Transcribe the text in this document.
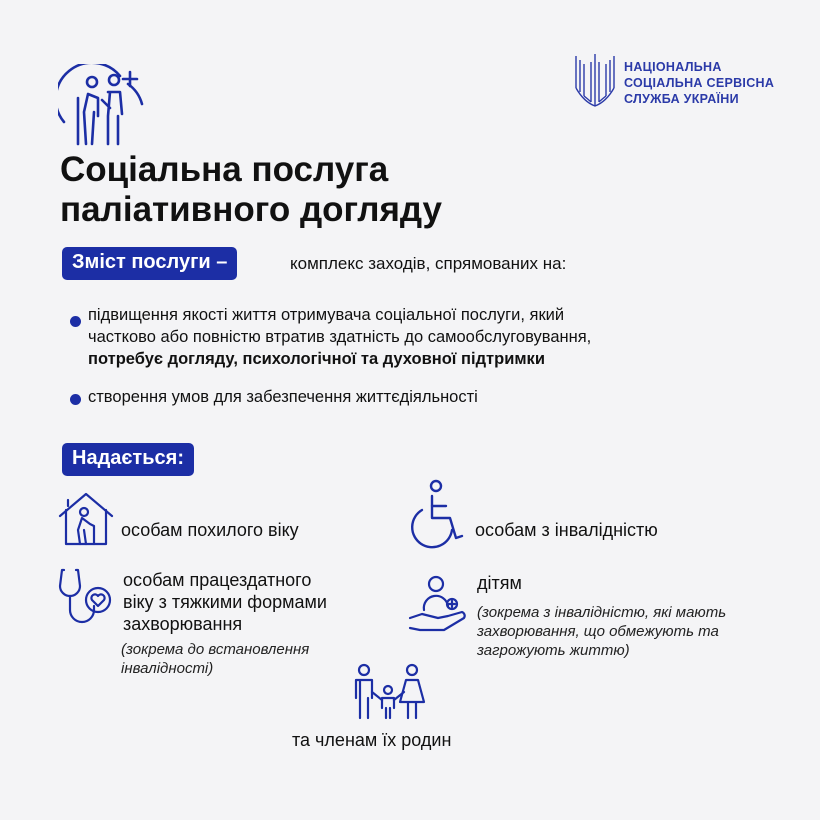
НАЦІОНАЛЬНА
СОЦІАЛЬНА СЕРВІСНА
СЛУЖБА УКРАЇНИ
Соціальна послуга
паліативного догляду
Зміст послуги –	комплекс заходів, спрямованих на:
підвищення якості життя отримувача соціальної послуги, який
частково або повністю втратив здатність до самообслуговування,
потребує догляду, психологічної та духовної підтримки
створення умов для забезпечення життєдіяльності
Надається:
особам похилого віку	особам з інвалідністю
особам працездатного
віку з тяжкими формами
захворювання
(зокрема до встановлення
інвалідності)
дітям
(зокрема з інвалідністю, які мають
захворювання, що обмежують та
загрожують життю)
та членам їх родин
